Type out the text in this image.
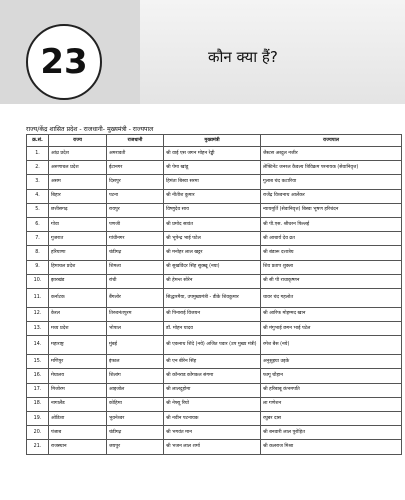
23	कौन क्या हैं?
राज्य/केंद्र शासित प्रदेश - राजधानी- मुख्यमंत्री - राज्यपाल
क्र.सं.	राज्य	राजधानी	मुख्यमंत्री	राज्यपाल
1.	आंध्र प्रदेश	अमरावती	श्री वाई एस जगन मोहन रेड्डी	जैस्टस अब्दुल नजीर
2.	अरुणाचल प्रदेश	ईटानगर	श्री पेमा खांडू	लेफ्टिनेंट जनरल कैवल्य त्रिविक्रम परनायक (सेवानिवृत्त)
3.	असम	दिसपुर	हिमंता बिस्वा सरमा	गुलाब चंद कटारिया
4.	बिहार	पटना	श्री नीतीश कुमार	राजेंद्र विश्वनाथ आर्लेकर
5.	छत्तीसगढ़	रायपुर	विष्णुदेव साय	न्यायमूर्ति (सेवानिवृत्त) बिस्वा भूषण हरिचंदन
6.	गोवा	पणजी	श्री प्रमोद सावंत	श्री पी.एस. श्रीधरन पिल्लई
7.	गुजरात	गांधीनगर	श्री भूपेन्द्र भाई पटेल	श्री आचार्य देव व्रत
8.	हरियाणा	चंडीगढ़	श्री मनोहर लाल खट्टर	श्री बंडारू दत्तात्रेय
9.	हिमाचल प्रदेश	शिमला	श्री सुखविंदर सिंह सुक्खू (नया)	शिव प्रताप शुक्ला
10.	झारखंड	रांची	श्री हेमन्त सोरेन	श्री सी पी राधाकृष्णन
11.	कर्नाटक	बैंगलोर	सिद्धारमैया, उपमुख्यमंत्री - डीके शिवकुमार	थावर चंद गहलोत
12.	केरल	तिरुवनंतपुरम	श्री पिनाराई विजयन	श्री आरिफ मोहम्मद खान
13.	मध्य प्रदेश	भोपाल	डॉ. मोहन यादव	श्री मंगुभाई छगन भाई पटेल
14.	महाराष्ट्र	मुंबई	श्री एकनाथ शिंदे (नये) अजित पवार (उप मुख्य मंत्री)	रमेश बैस (नये)
15.	मणिपुर	इंफाल	श्री एन बीरेन सिंह	अनुसुइया उइके
16.	मेघालय	शिलांग	श्री कॉनराड कोंगकल संगमा	फागू चौहान
17.	मिजोरम	आइजोल	श्री लालदुहोमा	श्री हरिबाबू कंभमपति
18.	नागालैंड	कोहिमा	श्री नेफ्यू रियो	ला गणेशन
19.	ओडिशा	भुवनेश्वर	श्री नवीन पटनायक	रघुबर दास
20.	पंजाब	चंडीगढ़	श्री भगवंत मान	श्री बनवारी लाल पुरोहित
21.	राजस्थान	जयपुर	श्री भजन लाल शर्मा	श्री कलराज मिश्रा
